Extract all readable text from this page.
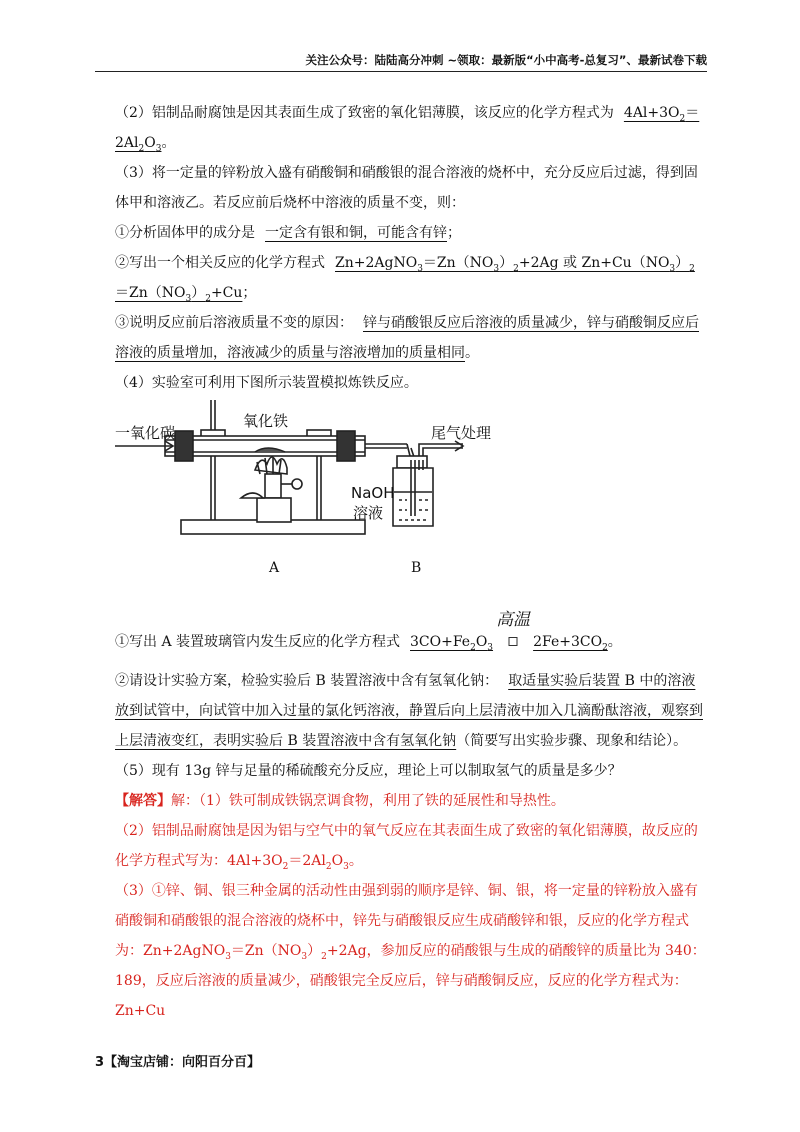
关注公众号：陆陆高分冲刺 ~领取：最新版“小中高考-总复习”、最新试卷下载

（2）铝制品耐腐蚀是因其表面生成了致密的氧化铝薄膜，该反应的化学方程式为 $4Al+3O_2=$
$2Al_2O_3$。

（3）将一定量的锌粉放入盛有硝酸铜和硝酸银的混合溶液的烧杯中，充分反应后过滤，得到固体甲和溶液乙。若反应前后烧杯中溶液的质量不变，则：

①分析固体甲的成分是 一定含有银和铜，可能含有锌；

②写出一个相关反应的化学方程式 $Zn+2AgNO_3=Zn(NO_3)_2+2Ag$ 或 $Zn+Cu(NO_3)_2=Zn(NO_3)_2+Cu$；

③说明反应前后溶液质量不变的原因： 锌与硝酸银反应后溶液的质量减少，锌与硝酸铜反应后溶液的质量增加，溶液减少的质量与溶液增加的质量相同。

（4）实验室可利用下图所示装置模拟炼铁反应。

一氧化碳
氧化铁
尾气处理
NaOH
溶液
A	B

①写出 A 装置玻璃管内发生反应的化学方程式 $3CO+Fe_2O_3$
高温
$2Fe+3CO_2$。

②请设计实验方案，检验实验后 B 装置溶液中含有氢氧化钠： 取适量实验后装置 B 中的溶液放到试管中，向试管中加入过量的氯化钙溶液，静置后向上层清液中加入几滴酚酞溶液，观察到上层清液变红，表明实验后 B 装置溶液中含有氢氧化钠（简要写出实验步骤、现象和结论）。

（5）现有 13g 锌与足量的稀硫酸充分反应，理论上可以制取氢气的质量是多少？

【解答】解：（1）铁可制成铁锅烹调食物，利用了铁的延展性和导热性。

（2）铝制品耐腐蚀是因为铝与空气中的氧气反应在其表面生成了致密的氧化铝薄膜，故反应的化学方程式写为：$4Al+3O_2=2Al_2O_3$。

（3）①锌、铜、银三种金属的活动性由强到弱的顺序是锌、铜、银，将一定量的锌粉放入盛有硝酸铜和硝酸银的混合溶液的烧杯中，锌先与硝酸银反应生成硝酸锌和银，反应的化学方程式为：$Zn+2AgNO_3=Zn(NO_3)_2+2Ag$，参加反应的硝酸银与生成的硝酸锌的质量比为 340：189，反应后溶液的质量减少，硝酸银完全反应后，锌与硝酸铜反应，反应的化学方程式为：Zn+Cu

3【淘宝店铺：向阳百分百】
